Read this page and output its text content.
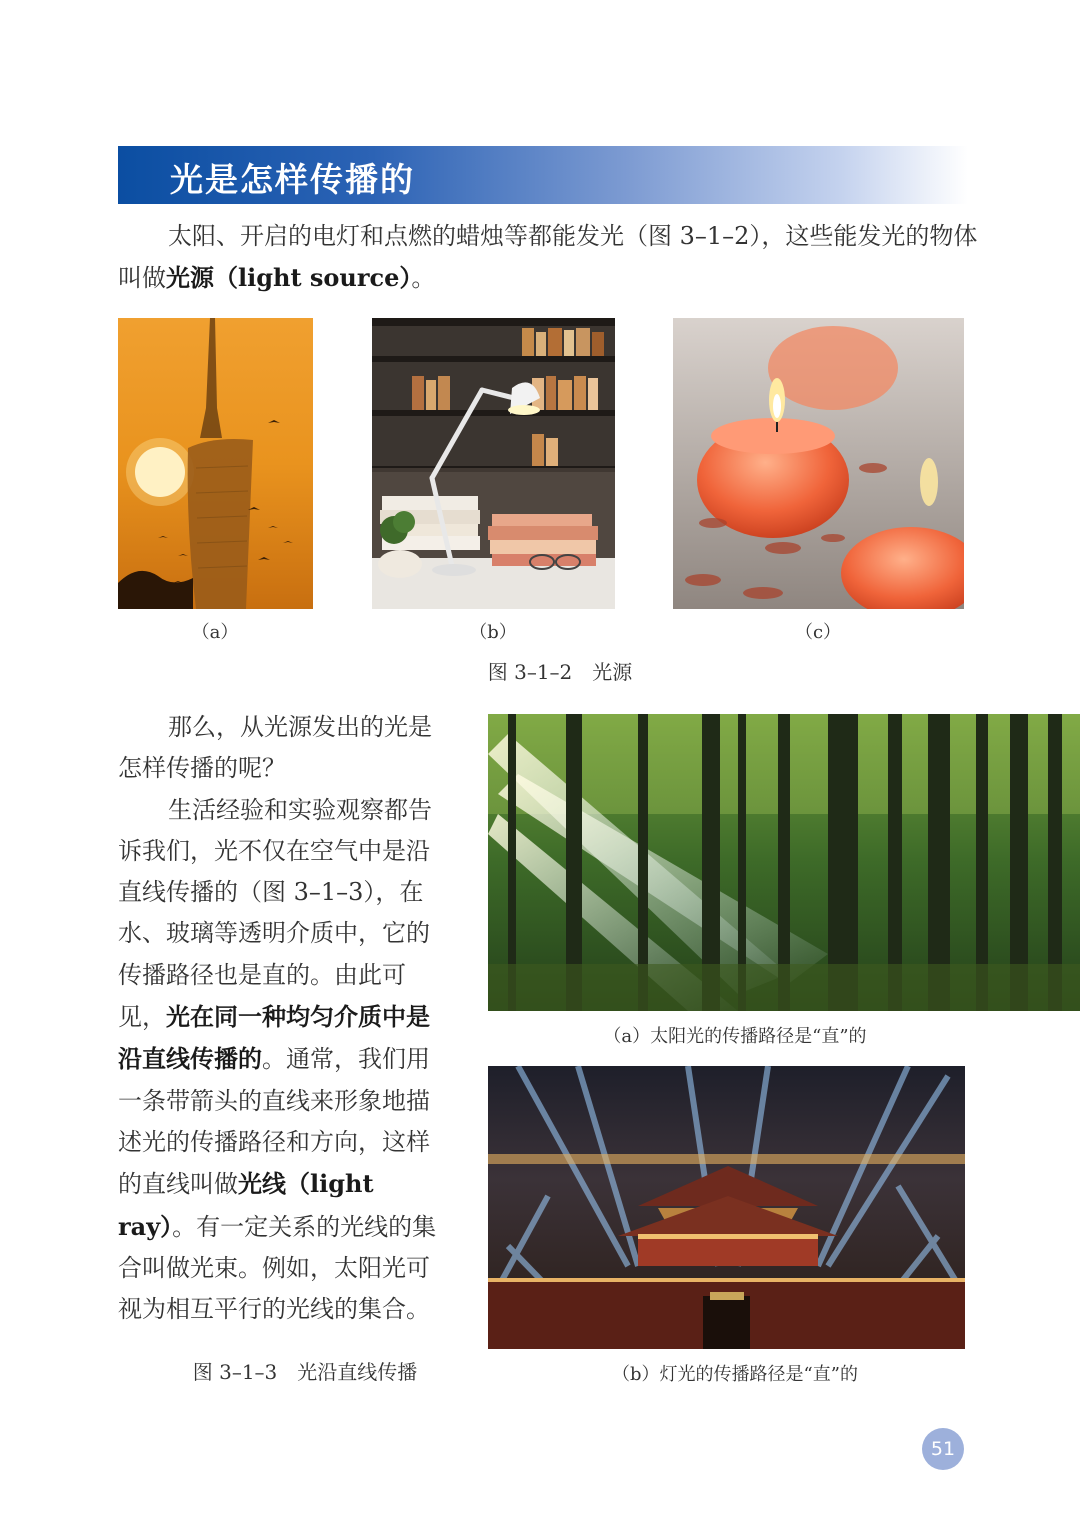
光是怎样传播的

太阳、开启的电灯和点燃的蜡烛等都能发光（图 3–1–2），这些能发光的物体叫做光源（light source）。

（a）	（b）	（c）
图 3–1–2　光源

那么，从光源发出的光是怎样传播的呢？

生活经验和实验观察都告诉我们，光不仅在空气中是沿直线传播的（图 3–1–3），在水、玻璃等透明介质中，它的传播路径也是直的。由此可见，光在同一种均匀介质中是沿直线传播的。通常，我们用一条带箭头的直线来形象地描述光的传播路径和方向，这样的直线叫做光线（light ray）。有一定关系的光线的集合叫做光束。例如，太阳光可视为相互平行的光线的集合。

图 3–1–3　光沿直线传播
（a）太阳光的传播路径是“直”的
（b）灯光的传播路径是“直”的
51
